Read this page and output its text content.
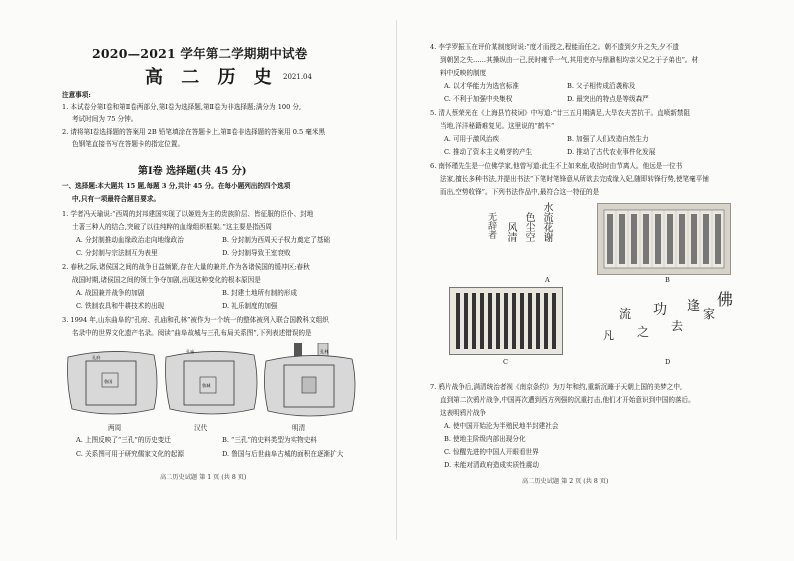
2020—2021 学年第二学期期中试卷
高 二 历 史 2021.04
注意事项:
1. 本试卷分第Ⅰ卷和第Ⅱ卷两部分,第Ⅰ卷为选择题,第Ⅱ卷为非选择题;满分为 100 分,
考试时间为 75 分钟。
2. 请将第Ⅰ卷选择题的答案用 2B 铅笔填涂在答题卡上,第Ⅱ卷非选择题的答案用 0.5 毫米黑
色钢笔直接书写在答题卡的指定位置。
第Ⅰ卷 选择题(共 45 分)
一、选择题:本大题共 15 题,每题 3 分,共计 45 分。在每小题列出的四个选项
中,只有一项最符合题目要求。
1. 学者冯天瑜说:“西周的封邦建国实现了以姬姓为主的贵族阶层、皆征服的臣仆、封地
土著三种人的结合,突破了以往纯粹的血缘组织框架。”这主要是指西周
A. 分封制推动血缘政治走向地缘政治	B. 分封制为西周天子权力奠定了基础
C. 分封制与宗法制互为表里	D. 分封制导致王室衰败
2. 春秋之际,诸侯国之间的战争日益频繁,存在大量的兼并,作为各诸侯国的缓冲区;春秋
战国时期,诸侯国之间的领土争夺加剧,出现这种变化的根本原因是
A. 战国兼并战争的加剧	B. 封建土地所有制的形成
C. 铁制农具和牛耕技术的出现	D. 礼乐制度的加强
3. 1994 年,山东曲阜的“孔府、孔庙和孔林”被作为一个统一的整体被列入联合国教科文组织
名录中的世界文化遗产名录。阅读“曲阜故城与三孔布局关系图”,下列表述错误的是
孔府
鲁国
孔庙
鲁城
孔林
两周	汉代	明清
A. 上图反映了“三孔”的历史变迁	B. “三孔”的史料类型为实物史料
C. 关系图可用于研究儒家文化的起源	D. 鲁国与后世曲阜古城的面积在逐渐扩大
高二历史试题 第 1 页 (共 8 页)
4. 李学罗振玉在评价某制度时说:“度才而授之,程能而任之。朝不遗到夕升之失,夕不遗
到朝罢之失……其操纵由一己,民时雍乎一气,其用吏亦与鼎鼐相均亲父兄之于子弟也”。材
料中反映的制度
A. 以才华能力为选官标准	B. 父子相传成沿袭称及
C. 不利于加强中央集权	D. 最突出的特点是等级森严
5. 清人蔡荣光在《上海县竹枝词》中写道:“廿三五月期满足,大旱农夫苦抗干。直喷新禁阻
当地,洋洋秘籍难复见。这里说的“鹤车”
A. 可用于激风治疾	B. 加强了人们改造自然生力
C. 推动了资本主义萌芽的产生	D. 推动了古代农业事件化发展
6. 南怀瑾先生是一位佛学家,他曾写道:此生不上如来座,收拾时由节离人。他远是一位书
法家,擅长多种书法,并提出书法“下笔时笔锋意从所欲去完成缘入妃,随即转锋行势,使笔毫平铺
而出,空势收锋”。下列书法作品中,最符合这一特征的是
水流花谢
色尘空
风清
无辞者
A	B
C
佛
家
逢
去
功
之
流
凡
D
7. 鸦片战争后,满清统治者视《南京条约》为万年和约,重新沉睡于天朝上国的美梦之中,
直到第二次鸦片战争,中国再次遭到西方列强的沉重打击,他们才开始意识到中国的落后。
这表明鸦片战争
A. 使中国开始沦为半殖民地半封建社会
B. 使地主阶级内部出现分化
C. 惊醒先进的中国人开眼看世界
D. 未能对清政府造成实质性震动
高二历史试题 第 2 页 (共 8 页)
